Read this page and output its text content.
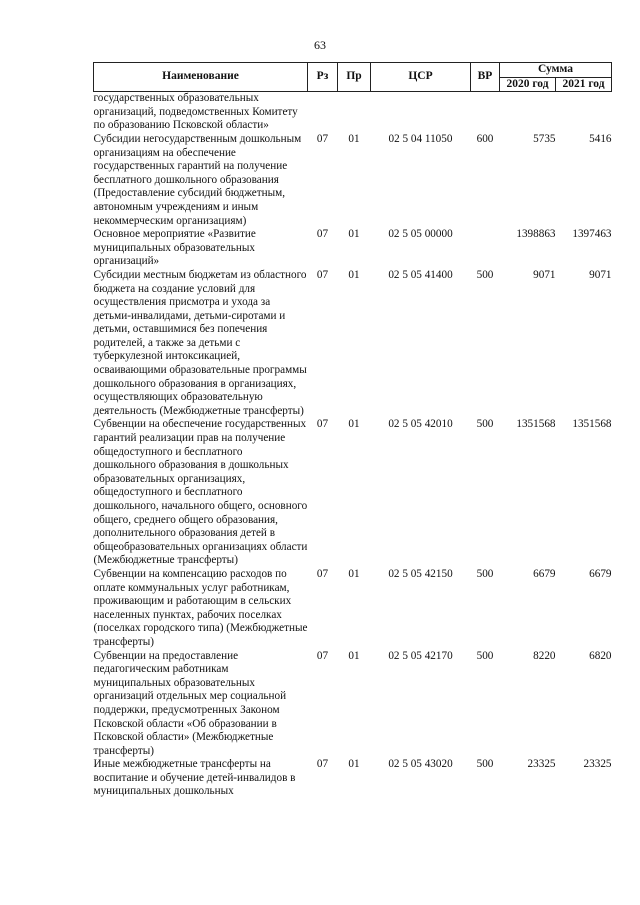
63
Наименование	Рз	Пр	ЦСР	ВР	Сумма	
					2020 год	2021 год
государственных образовательных организаций, подведомственных Комитету по образованию Псковской области»						
Субсидии негосударственным дошкольным организациям на обеспечение государственных гарантий на получение бесплатного дошкольного образования (Предоставление субсидий бюджетным, автономным учреждениям и иным некоммерческим организациям)	07	01	02 5 04 11050	600	5735	5416
Основное мероприятие «Развитие муниципальных образовательных организаций»	07	01	02 5 05 00000		1398863	1397463
Субсидии местным бюджетам из областного бюджета на создание условий для осуществления присмотра и ухода за детьми-инвалидами, детьми-сиротами и детьми, оставшимися без попечения родителей, а также за детьми с туберкулезной интоксикацией, осваивающими образовательные программы дошкольного образования в организациях, осуществляющих образовательную деятельность (Межбюджетные трансферты)	07	01	02 5 05 41400	500	9071	9071
Субвенции на обеспечение государственных гарантий реализации прав на получение общедоступного и бесплатного дошкольного образования в дошкольных образовательных организациях, общедоступного и бесплатного дошкольного, начального общего, основного общего, среднего общего образования, дополнительного образования детей в общеобразовательных организациях области (Межбюджетные трансферты)	07	01	02 5 05 42010	500	1351568	1351568
Субвенции на компенсацию расходов по оплате коммунальных услуг работникам, проживающим и работающим в сельских населенных пунктах, рабочих поселках (поселках городского типа) (Межбюджетные трансферты)	07	01	02 5 05 42150	500	6679	6679
Субвенции на предоставление педагогическим работникам муниципальных образовательных организаций отдельных мер социальной поддержки, предусмотренных Законом Псковской области «Об образовании в Псковской области» (Межбюджетные трансферты)	07	01	02 5 05 42170	500	8220	6820
Иные межбюджетные трансферты на воспитание и обучение детей-инвалидов в муниципальных дошкольных	07	01	02 5 05 43020	500	23325	23325
